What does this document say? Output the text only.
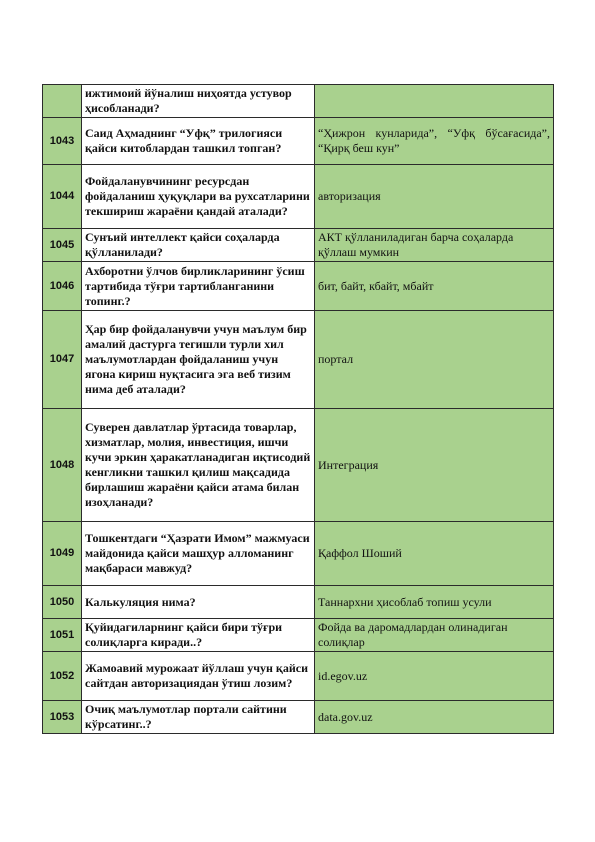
	ижтимоий йўналиш ниҳоятда устувор ҳисобланади?	
1043	Саид Аҳмаднинг “Уфқ” трилогияси қайси китоблардан ташкил топган?	“Ҳижрон кунларида”, “Уфқ бўсағасида”, “Қирқ беш кун”
1044	Фойдаланувчининг ресурсдан фойдаланиш ҳуқуқлари ва рухсатларини текшириш жараёни қандай аталади?	авторизация
1045	Сунъий интеллект қайси соҳаларда қўлланилади?	АКТ қўлланиладиган барча соҳаларда қўллаш мумкин
1046	Ахборотни ўлчов бирликларининг ўсиш тартибида тўғри тартибланганини топинг.?	бит, байт, кбайт, мбайт
1047	Ҳар бир фойдаланувчи учун маълум бир амалий дастурга тегишли турли хил маълумотлардан фойдаланиш учун ягона кириш нуқтасига эга веб тизим нима деб аталади?	портал
1048	Суверен давлатлар ўртасида товарлар, хизматлар, молия, инвестиция, ишчи кучи эркин ҳаракатланадиган иқтисодий кенгликни ташкил қилиш мақсадида бирлашиш жараёни қайси атама билан изоҳланади?	Интеграция
1049	Тошкентдаги “Ҳазрати Имом” мажмуаси майдонида қайси машҳур алломанинг мақбараси мавжуд?	Қаффол Шоший
1050	Калькуляция нима?	Таннархни ҳисоблаб топиш усули
1051	Қуйидагиларнинг қайси бири тўғри солиқларга киради..?	Фойда ва даромадлардан олинадиган солиқлар
1052	Жамоавий мурожаат йўллаш учун қайси сайтдан авторизациядан ўтиш лозим?	id.egov.uz
1053	Очиқ маълумотлар портали сайтини кўрсатинг..?	data.gov.uz
